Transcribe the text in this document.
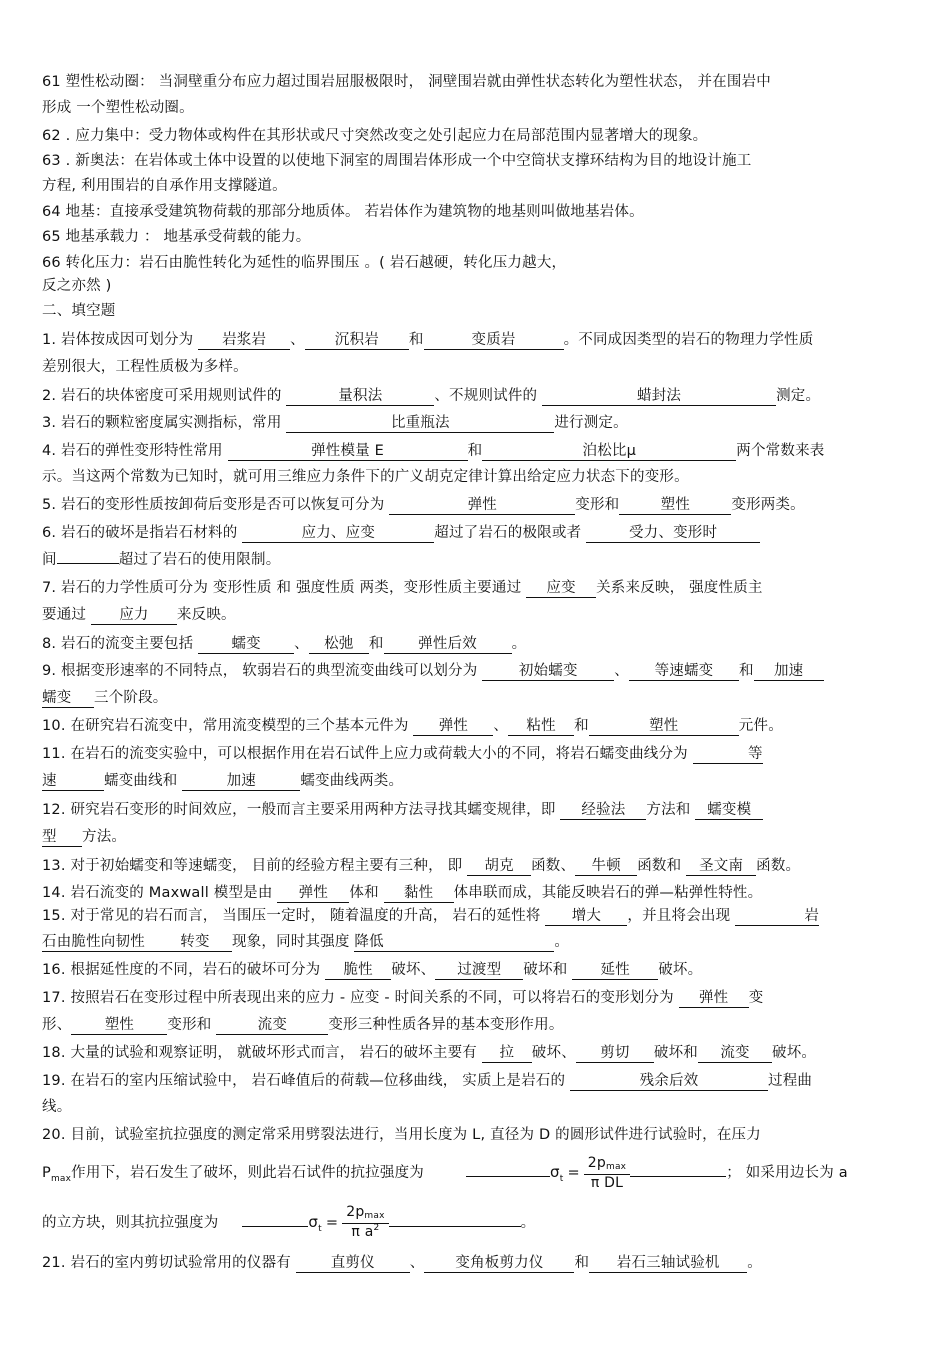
61 塑性松动圈： 当洞壁重分布应力超过围岩屈服极限时， 洞壁围岩就由弹性状态转化为塑性状态， 并在围岩中
形成 一个塑性松动圈。
62 . 应力集中：受力物体或构件在其形状或尺寸突然改变之处引起应力在局部范围内显著增大的现象。
63 . 新奥法：在岩体或土体中设置的以使地下洞室的周围岩体形成一个中空筒状支撑环结构为目的地设计施工
方程, 利用围岩的自承作用支撑隧道。
64 地基：直接承受建筑物荷载的那部分地质体。 若岩体作为建筑物的地基则叫做地基岩体。
65 地基承载力 ： 地基承受荷载的能力。
66 转化压力：岩石由脆性转化为延性的临界围压 。( 岩石越硬，转化压力越大，
反之亦然 )
二、填空题
1. 岩体按成因可划分为 岩浆岩 、 沉积岩 和	变质岩	。不同成因类型的岩石的物理力学性质
差别很大，工程性质极为多样。
2. 岩石的块体密度可采用规则试件的	量积法	、不规则试件的	蜡封法	测定。
3. 岩石的颗粒密度属实测指标，常用	比重瓶法	进行测定。
4. 岩石的弹性变形特性常用	弹性模量 E	和	泊松比μ	两个常数来表
示。当这两个常数为已知时，就可用三维应力条件下的广义胡克定律计算出给定应力状态下的变形。
5. 岩石的变形性质按卸荷后变形是否可以恢复可分为	弹性	变形和	塑性	变形两类。
6. 岩石的破坏是指岩石材料的	应力、应变	超过了岩石的极限或者	受力、变形时
间	超过了岩石的使用限制。
7. 岩石的力学性质可分为 变形性质 和 强度性质 两类，变形性质主要通过 应变 关系来反映， 强度性质主
要通过 应力 来反映。
8. 岩石的流变主要包括 蠕变 、 松弛 和 弹性后效 。
9. 根据变形速率的不同特点， 软弱岩石的典型流变曲线可以划分为	初始蠕变	、 等速蠕变 和 加速
蠕变 三个阶段。
10. 在研究岩石流变中，常用流变模型的三个基本元件为 弹性 、 粘性 和	塑性	元件。
11. 在岩石的流变实验中，可以根据作用在岩石试件上应力或荷载大小的不同，将岩石蠕变曲线分为	等
速	蠕变曲线和	加速	蠕变曲线两类。
12. 研究岩石变形的时间效应，一般而言主要采用两种方法寻找其蠕变规律，即 经验法 方法和 蠕变模
型 方法。
13. 对于初始蠕变和等速蠕变， 目前的经验方程主要有三种， 即 胡克 函数、 牛顿 函数和 圣文南 函数。
14. 岩石流变的 Maxwall 模型是由 弹性 体和 黏性 体串联而成，其能反映岩石的弹—粘弹性特性。
15. 对于常见的岩石而言， 当围压一定时， 随着温度的升高， 岩石的延性将 增大 ，并且将会出现	岩
石由脆性向韧性 转变 现象，同时其强度 降低	。
16. 根据延性度的不同，岩石的破坏可分为 脆性 破坏、 过渡型 破坏和 延性 破坏。
17. 按照岩石在变形过程中所表现出来的应力 - 应变 - 时间关系的不同，可以将岩石的变形划分为 弹性 变
形、 塑性 变形和	流变	变形三种性质各异的基本变形作用。
18. 大量的试验和观察证明， 就破坏形式而言， 岩石的破坏主要有 拉 破坏、 剪切 破坏和 流变 破坏。
19. 在岩石的室内压缩试验中， 岩石峰值后的荷载—位移曲线， 实质上是岩石的	残余后效	过程曲
线。
20. 目前，试验室抗拉强度的测定常采用劈裂法进行，当用长度为 L, 直径为 D 的圆形试件进行试验时，在压力
$P_{max}$作用下，岩石发生了破坏，则此岩石试件的抗拉强度为	$\sigma_t = \frac{2pmax}{\text{π DL}}$	； 如采用边长为 a
的立方块，则其抗拉强度为	$\sigma_t = \frac{2pmax}{\pi a^2}$	。
21. 岩石的室内剪切试验常用的仪器有 直剪仪 、 变角板剪力仪 和 岩石三轴试验机 。
